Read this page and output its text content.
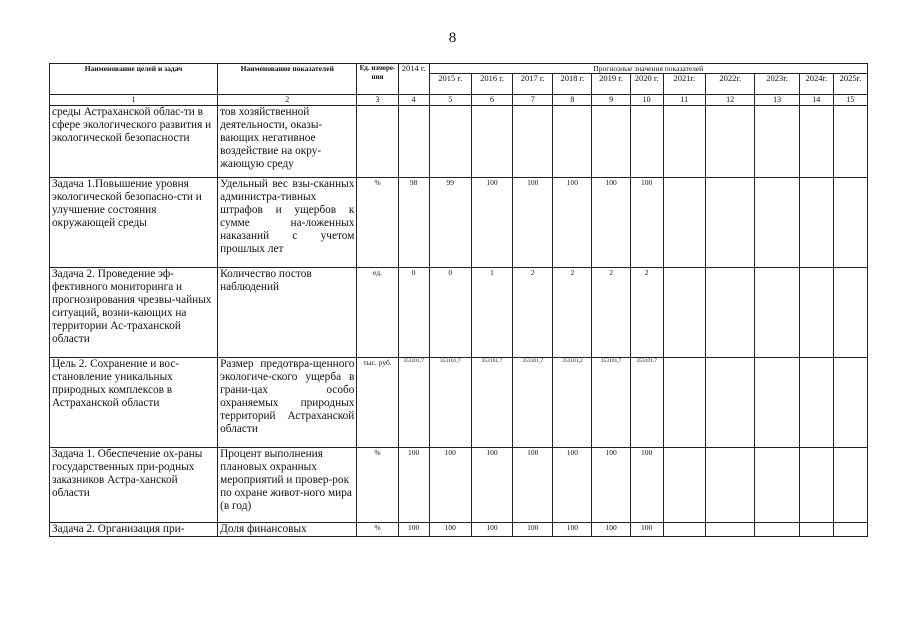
8
Наименование целей и задач	Наименование показателей	Ед. измере-ния	2014 г.	Прогнозные значения показателей										
				2015 г.	2016 г.	2017 г.	2018 г.	2019 г.	2020 г.	2021г.	2022г.	2023г.	2024г.	2025г.
1	2	3	4	5	6	7	8	9	10	11	12	13	14	15
среды Астраханской облас-ти в сфере экологического развития и экологической безопасности	тов хозяйственной деятельности, оказы-вающих негативное воздействие на окру-жающую среду													
Задача 1.Повышение уровня экологической безопасно-сти и улучшение состояния окружающей среды	Удельный вес взы-сканных администра-тивных штрафов и ущербов к сумме на-ложенных наказаний с учетом прошлых лет	%	98	99	100	100	100	100	100					
Задача 2. Проведение эф-фективного мониторинга и прогнозирования чрезвы-чайных ситуаций, возни-кающих на территории Ас-траханской области	Количество постов наблюдений	ед.	0	0	1	2	2	2	2					
Цель 2. Сохранение и вос-становление уникальных природных комплексов в Астраханской области	Размер предотвра-щенного экологиче-ского ущерба в грани-цах особо охраняемых природных территорий Астраханской области	тыс. руб.	353101,7	353101,7	353101,7	353101,7	353101,2	353101,7	353101,7					
Задача 1. Обеспечение ох-раны государственных при-родных заказников Астра-ханской области	Процент выполнения плановых охранных мероприятий и провер-рок по охране живот-ного мира (в год)	%	100	100	100	100	100	100	100					
Задача 2. Организация при-	Доля финансовых	%	100	100	100	100	100	100	100					
